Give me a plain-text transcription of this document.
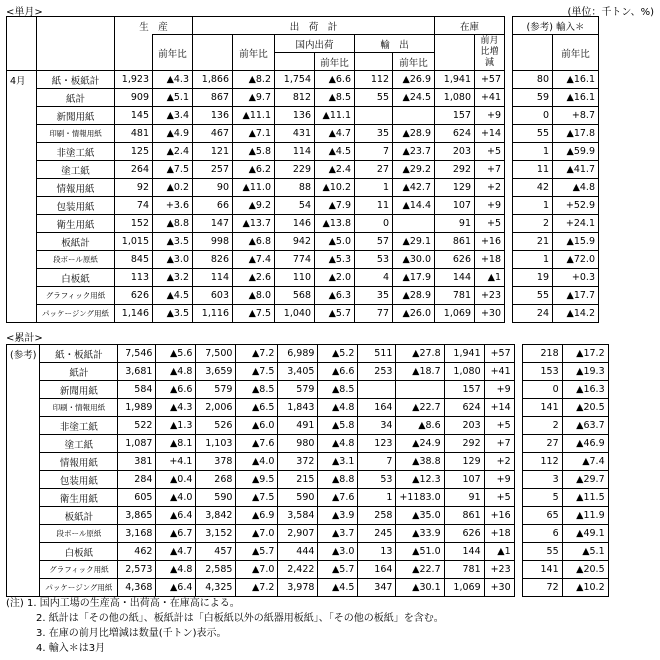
<単月>	(単位：千トン、%)
		生　産		出　荷　計						在庫			(参考) 輸入＊	
			前年比		前年比	国内出荷		輸　出			前月比増減			前年比
							前年比		前年比					
4月	紙・板紙計	1,923	▲4.3	1,866	▲8.2	1,754	▲6.6	112	▲26.9	1,941	+57		80	▲16.1
	紙計	909	▲5.1	867	▲9.7	812	▲8.5	55	▲24.5	1,080	+41		59	▲16.1
	新聞用紙	145	▲3.4	136	▲11.1	136	▲11.1			157	+9		0	+8.7
	印刷・情報用紙	481	▲4.9	467	▲7.1	431	▲4.7	35	▲28.9	624	+14		55	▲17.8
	非塗工紙	125	▲2.4	121	▲5.8	114	▲4.5	7	▲23.7	203	+5		1	▲59.9
	塗工紙	264	▲7.5	257	▲6.2	229	▲2.4	27	▲29.2	292	+7		11	▲41.7
	情報用紙	92	▲0.2	90	▲11.0	88	▲10.2	1	▲42.7	129	+2		42	▲4.8
	包装用紙	74	+3.6	66	▲9.2	54	▲7.9	11	▲14.4	107	+9		1	+52.9
	衛生用紙	152	▲8.8	147	▲13.7	146	▲13.8	0		91	+5		2	+24.1
	板紙計	1,015	▲3.5	998	▲6.8	942	▲5.0	57	▲29.1	861	+16		21	▲15.9
	段ボール原紙	845	▲3.0	826	▲7.4	774	▲5.3	53	▲30.0	626	+18		1	▲72.0
	白板紙	113	▲3.2	114	▲2.6	110	▲2.0	4	▲17.9	144	▲1		19	+0.3
	グラフィック用紙	626	▲4.5	603	▲8.0	568	▲6.3	35	▲28.9	781	+23		55	▲17.7
	パッケージング用紙	1,146	▲3.5	1,116	▲7.5	1,040	▲5.7	77	▲26.0	1,069	+30		24	▲14.2
<累計>
(参考)	紙・板紙計	7,546	▲5.6	7,500	▲7.2	6,989	▲5.2	511	▲27.8	1,941	+57		218	▲17.2
	紙計	3,681	▲4.8	3,659	▲7.5	3,405	▲6.6	253	▲18.7	1,080	+41		153	▲19.3
	新聞用紙	584	▲6.6	579	▲8.5	579	▲8.5			157	+9		0	▲16.3
	印刷・情報用紙	1,989	▲4.3	2,006	▲6.5	1,843	▲4.8	164	▲22.7	624	+14		141	▲20.5
	非塗工紙	522	▲1.3	526	▲6.0	491	▲5.8	34	▲8.6	203	+5		2	▲63.7
	塗工紙	1,087	▲8.1	1,103	▲7.6	980	▲4.8	123	▲24.9	292	+7		27	▲46.9
	情報用紙	381	+4.1	378	▲4.0	372	▲3.1	7	▲38.8	129	+2		112	▲7.4
	包装用紙	284	▲0.4	268	▲9.5	215	▲8.8	53	▲12.3	107	+9		3	▲29.7
	衛生用紙	605	▲4.0	590	▲7.5	590	▲7.6	1	+1183.0	91	+5		5	▲11.5
	板紙計	3,865	▲6.4	3,842	▲6.9	3,584	▲3.9	258	▲35.0	861	+16		65	▲11.9
	段ボール原紙	3,168	▲6.7	3,152	▲7.0	2,907	▲3.7	245	▲33.9	626	+18		6	▲49.1
	白板紙	462	▲4.7	457	▲5.7	444	▲3.0	13	▲51.0	144	▲1		55	▲5.1
	グラフィック用紙	2,573	▲4.8	2,585	▲7.0	2,422	▲5.7	164	▲22.7	781	+23		141	▲20.5
	パッケージング用紙	4,368	▲6.4	4,325	▲7.2	3,978	▲4.5	347	▲30.1	1,069	+30		72	▲10.2
(注) 1. 国内工場の生産高・出荷高・在庫高による。
2. 紙計は「その他の紙」、板紙計は「白板紙以外の紙器用板紙」、「その他の板紙」を含む。
3. 在庫の前月比増減は数量(千トン)表示。
4. 輸入＊は3月
